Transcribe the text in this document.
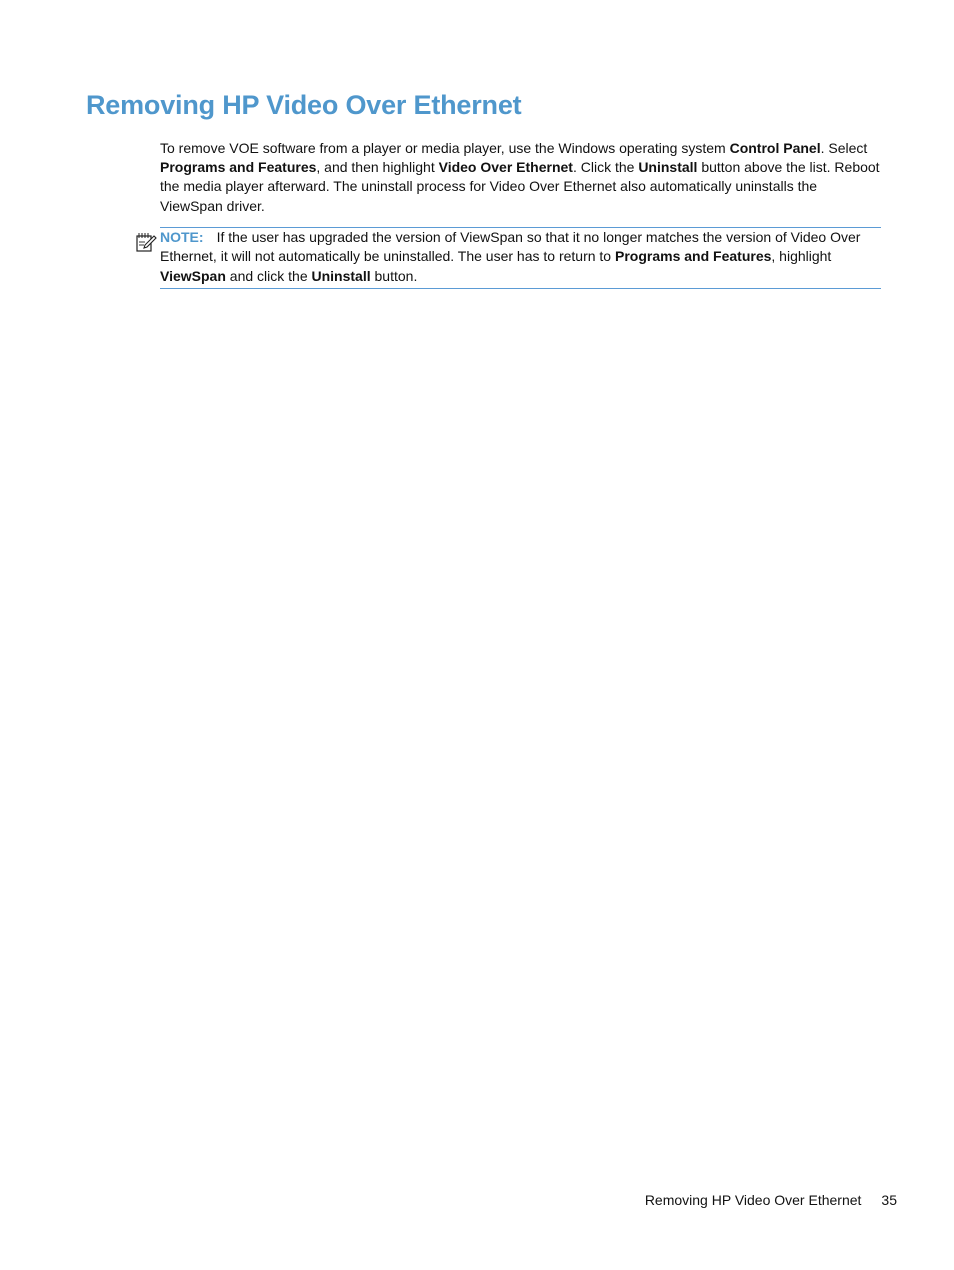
Removing HP Video Over Ethernet

To remove VOE software from a player or media player, use the Windows operating system Control Panel. Select Programs and Features, and then highlight Video Over Ethernet. Click the Uninstall button above the list. Reboot the media player afterward. The uninstall process for Video Over Ethernet also automatically uninstalls the ViewSpan driver.

NOTE: If the user has upgraded the version of ViewSpan so that it no longer matches the version of Video Over Ethernet, it will not automatically be uninstalled. The user has to return to Programs and Features, highlight ViewSpan and click the Uninstall button.

Removing HP Video Over Ethernet 35
